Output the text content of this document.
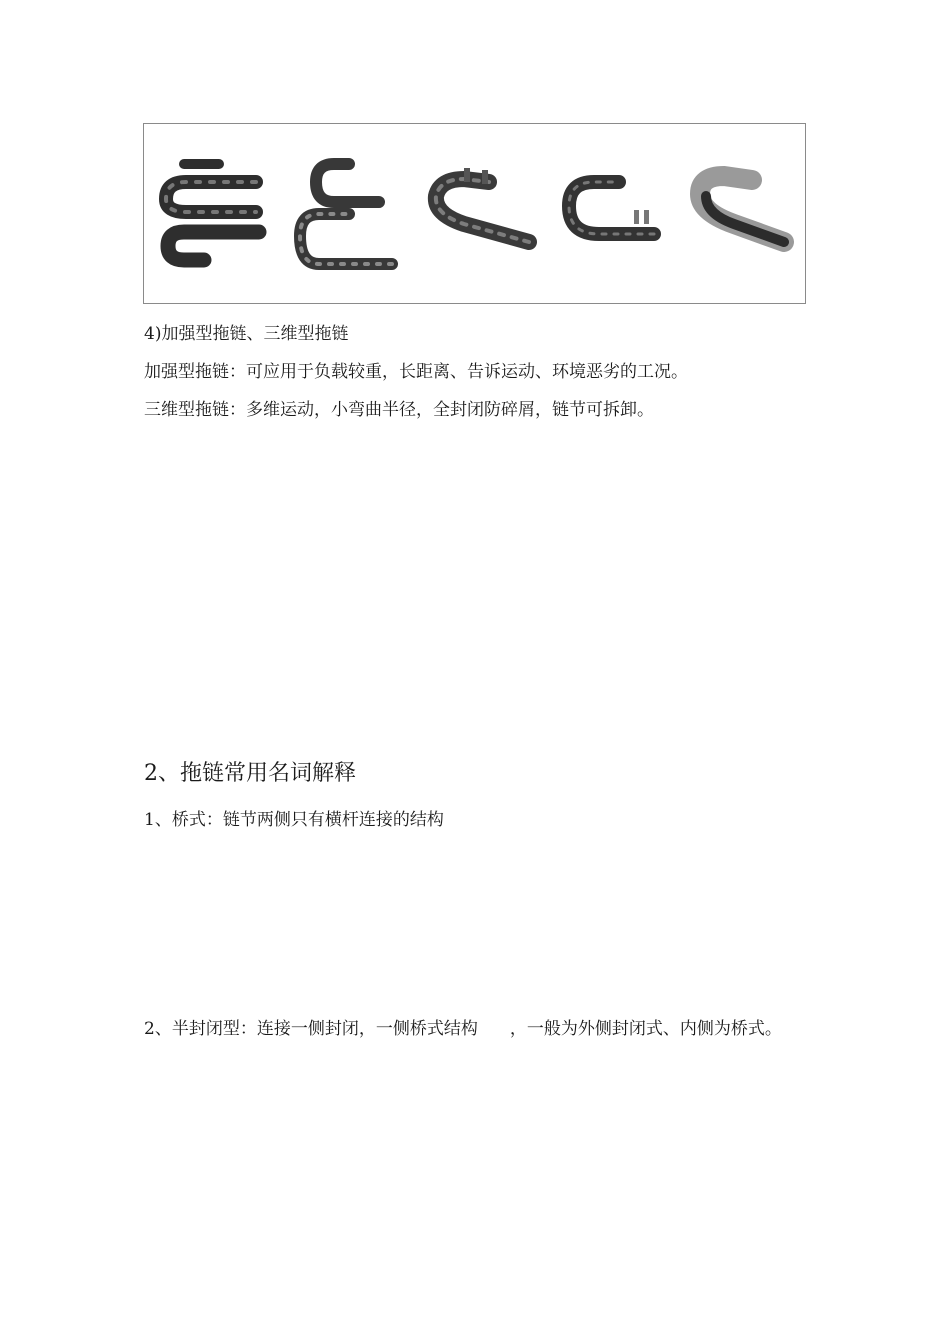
4)加强型拖链、三维型拖链
加强型拖链：可应用于负载较重，长距离、告诉运动、环境恶劣的工况。
三维型拖链：多维运动，小弯曲半径，全封闭防碎屑，链节可拆卸。
2、拖链常用名词解释
1、桥式：链节两侧只有横杆连接的结构
2、半封闭型：连接一侧封闭，一侧桥式结构 ，一般为外侧封闭式、内侧为桥式。
